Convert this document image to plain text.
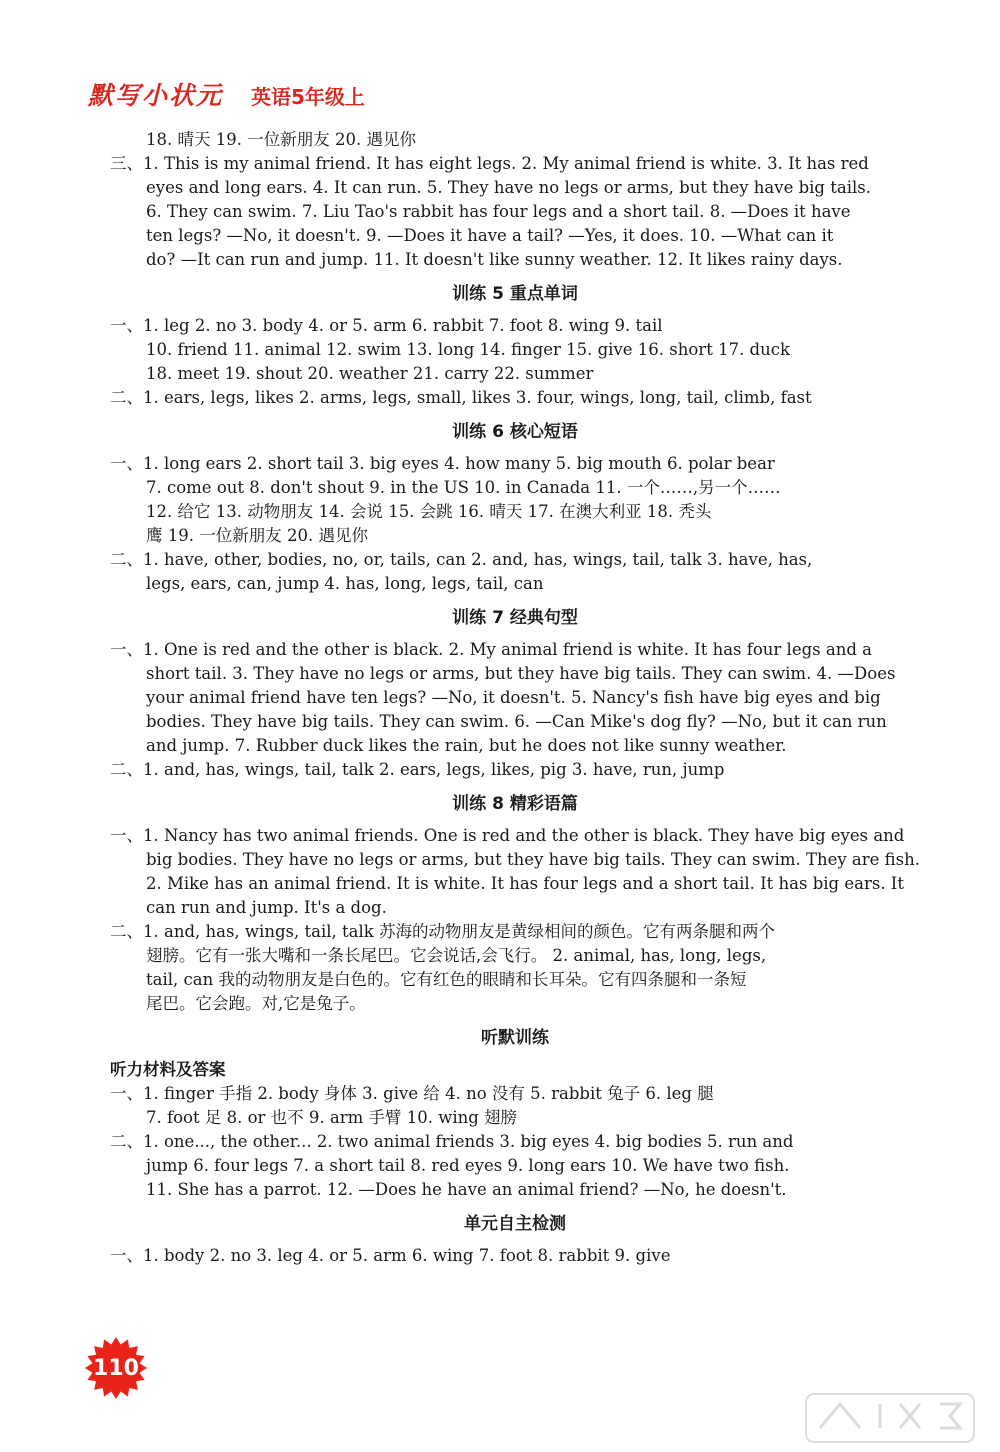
默写小状元 英语5年级上
18. 晴天 19. 一位新朋友 20. 遇见你
三、1. This is my animal friend. It has eight legs. 2. My animal friend is white. 3. It has red
eyes and long ears. 4. It can run. 5. They have no legs or arms, but they have big tails.
6. They can swim. 7. Liu Tao's rabbit has four legs and a short tail. 8. —Does it have
ten legs? —No, it doesn't. 9. —Does it have a tail? —Yes, it does. 10. —What can it
do? —It can run and jump. 11. It doesn't like sunny weather. 12. It likes rainy days.
训练 5 重点单词
一、1. leg 2. no 3. body 4. or 5. arm 6. rabbit 7. foot 8. wing 9. tail
10. friend 11. animal 12. swim 13. long 14. finger 15. give 16. short 17. duck
18. meet 19. shout 20. weather 21. carry 22. summer
二、1. ears, legs, likes 2. arms, legs, small, likes 3. four, wings, long, tail, climb, fast
训练 6 核心短语
一、1. long ears 2. short tail 3. big eyes 4. how many 5. big mouth 6. polar bear
7. come out 8. don't shout 9. in the US 10. in Canada 11. 一个……,另一个……
12. 给它 13. 动物朋友 14. 会说 15. 会跳 16. 晴天 17. 在澳大利亚 18. 秃头
鹰 19. 一位新朋友 20. 遇见你
二、1. have, other, bodies, no, or, tails, can 2. and, has, wings, tail, talk 3. have, has,
legs, ears, can, jump 4. has, long, legs, tail, can
训练 7 经典句型
一、1. One is red and the other is black. 2. My animal friend is white. It has four legs and a
short tail. 3. They have no legs or arms, but they have big tails. They can swim. 4. —Does
your animal friend have ten legs? —No, it doesn't. 5. Nancy's fish have big eyes and big
bodies. They have big tails. They can swim. 6. —Can Mike's dog fly? —No, but it can run
and jump. 7. Rubber duck likes the rain, but he does not like sunny weather.
二、1. and, has, wings, tail, talk 2. ears, legs, likes, pig 3. have, run, jump
训练 8 精彩语篇
一、1. Nancy has two animal friends. One is red and the other is black. They have big eyes and
big bodies. They have no legs or arms, but they have big tails. They can swim. They are fish.
2. Mike has an animal friend. It is white. It has four legs and a short tail. It has big ears. It
can run and jump. It's a dog.
二、1. and, has, wings, tail, talk 苏海的动物朋友是黄绿相间的颜色。它有两条腿和两个
翅膀。它有一张大嘴和一条长尾巴。它会说话,会飞行。 2. animal, has, long, legs,
tail, can 我的动物朋友是白色的。它有红色的眼睛和长耳朵。它有四条腿和一条短
尾巴。它会跑。对,它是兔子。
听默训练
听力材料及答案
一、1. finger 手指 2. body 身体 3. give 给 4. no 没有 5. rabbit 兔子 6. leg 腿
7. foot 足 8. or 也不 9. arm 手臂 10. wing 翅膀
二、1. one..., the other... 2. two animal friends 3. big eyes 4. big bodies 5. run and
jump 6. four legs 7. a short tail 8. red eyes 9. long ears 10. We have two fish.
11. She has a parrot. 12. —Does he have an animal friend? —No, he doesn't.
单元自主检测
一、1. body 2. no 3. leg 4. or 5. arm 6. wing 7. foot 8. rabbit 9. give
110
